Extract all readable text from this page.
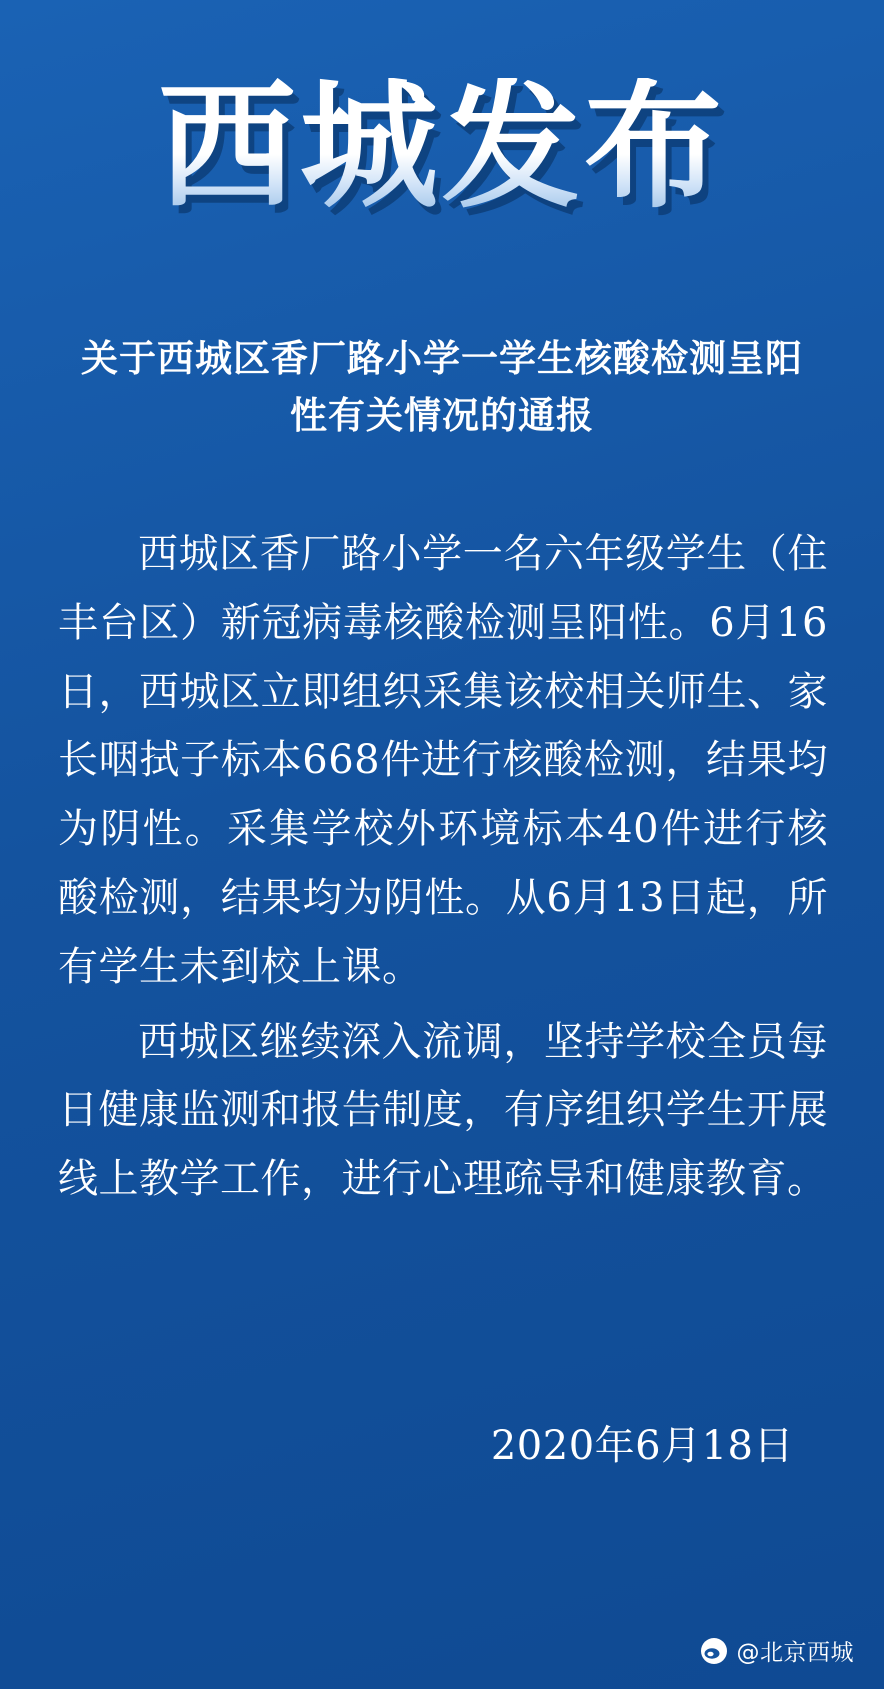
西城发布
关于西城区香厂路小学一学生核酸检测呈阳性有关情况的通报

西城区香厂路小学一名六年级学生（住丰台区）新冠病毒核酸检测呈阳性。6月16日，西城区立即组织采集该校相关师生、家长咽拭子标本668件进行核酸检测，结果均为阴性。采集学校外环境标本40件进行核酸检测，结果均为阴性。从6月13日起，所有学生未到校上课。

西城区继续深入流调，坚持学校全员每日健康监测和报告制度，有序组织学生开展线上教学工作，进行心理疏导和健康教育。

2020年6月18日
@北京西城
